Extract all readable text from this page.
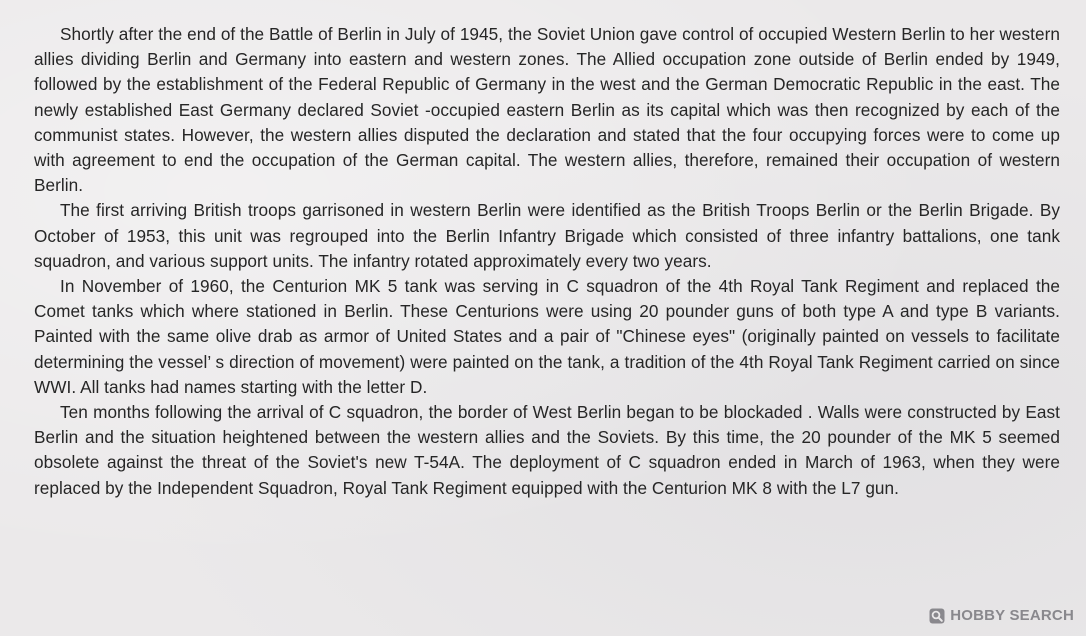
Shortly after the end of the Battle of Berlin in July of 1945, the Soviet Union gave control of occupied Western Berlin to her western allies dividing Berlin and Germany into eastern and western zones. The Allied occupation zone outside of Berlin ended by 1949, followed by the establishment of the Federal Republic of Germany in the west and the German Democratic Republic in the east. The newly established East Germany declared Soviet -occupied eastern Berlin as its capital which was then recognized by each of the communist states. However, the western allies disputed the declaration and stated that the four occupying forces were to come up with agreement to end the occupation of the German capital. The western allies, therefore, remained their occupation of western Berlin.

The first arriving British troops garrisoned in western Berlin were identified as the British Troops Berlin or the Berlin Brigade. By October of 1953, this unit was regrouped into the Berlin Infantry Brigade which consisted of three infantry battalions, one tank squadron, and various support units. The infantry rotated approximately every two years.

In November of 1960, the Centurion MK 5 tank was serving in C squadron of the 4th Royal Tank Regiment and replaced the Comet tanks which where stationed in Berlin. These Centurions were using 20 pounder guns of both type A and type B variants. Painted with the same olive drab as armor of United States and a pair of "Chinese eyes" (originally painted on vessels to facilitate determining the vessel’ s direction of movement) were painted on the tank, a tradition of the 4th Royal Tank Regiment carried on since WWI. All tanks had names starting with the letter D.

Ten months following the arrival of C squadron, the border of West Berlin began to be blockaded . Walls were constructed by East Berlin and the situation heightened between the western allies and the Soviets. By this time, the 20 pounder of the MK 5 seemed obsolete against the threat of the Soviet's new T-54A. The deployment of C squadron ended in March of 1963, when they were replaced by the Independent Squadron, Royal Tank Regiment equipped with the Centurion MK 8 with the L7 gun.

HOBBY SEARCH
